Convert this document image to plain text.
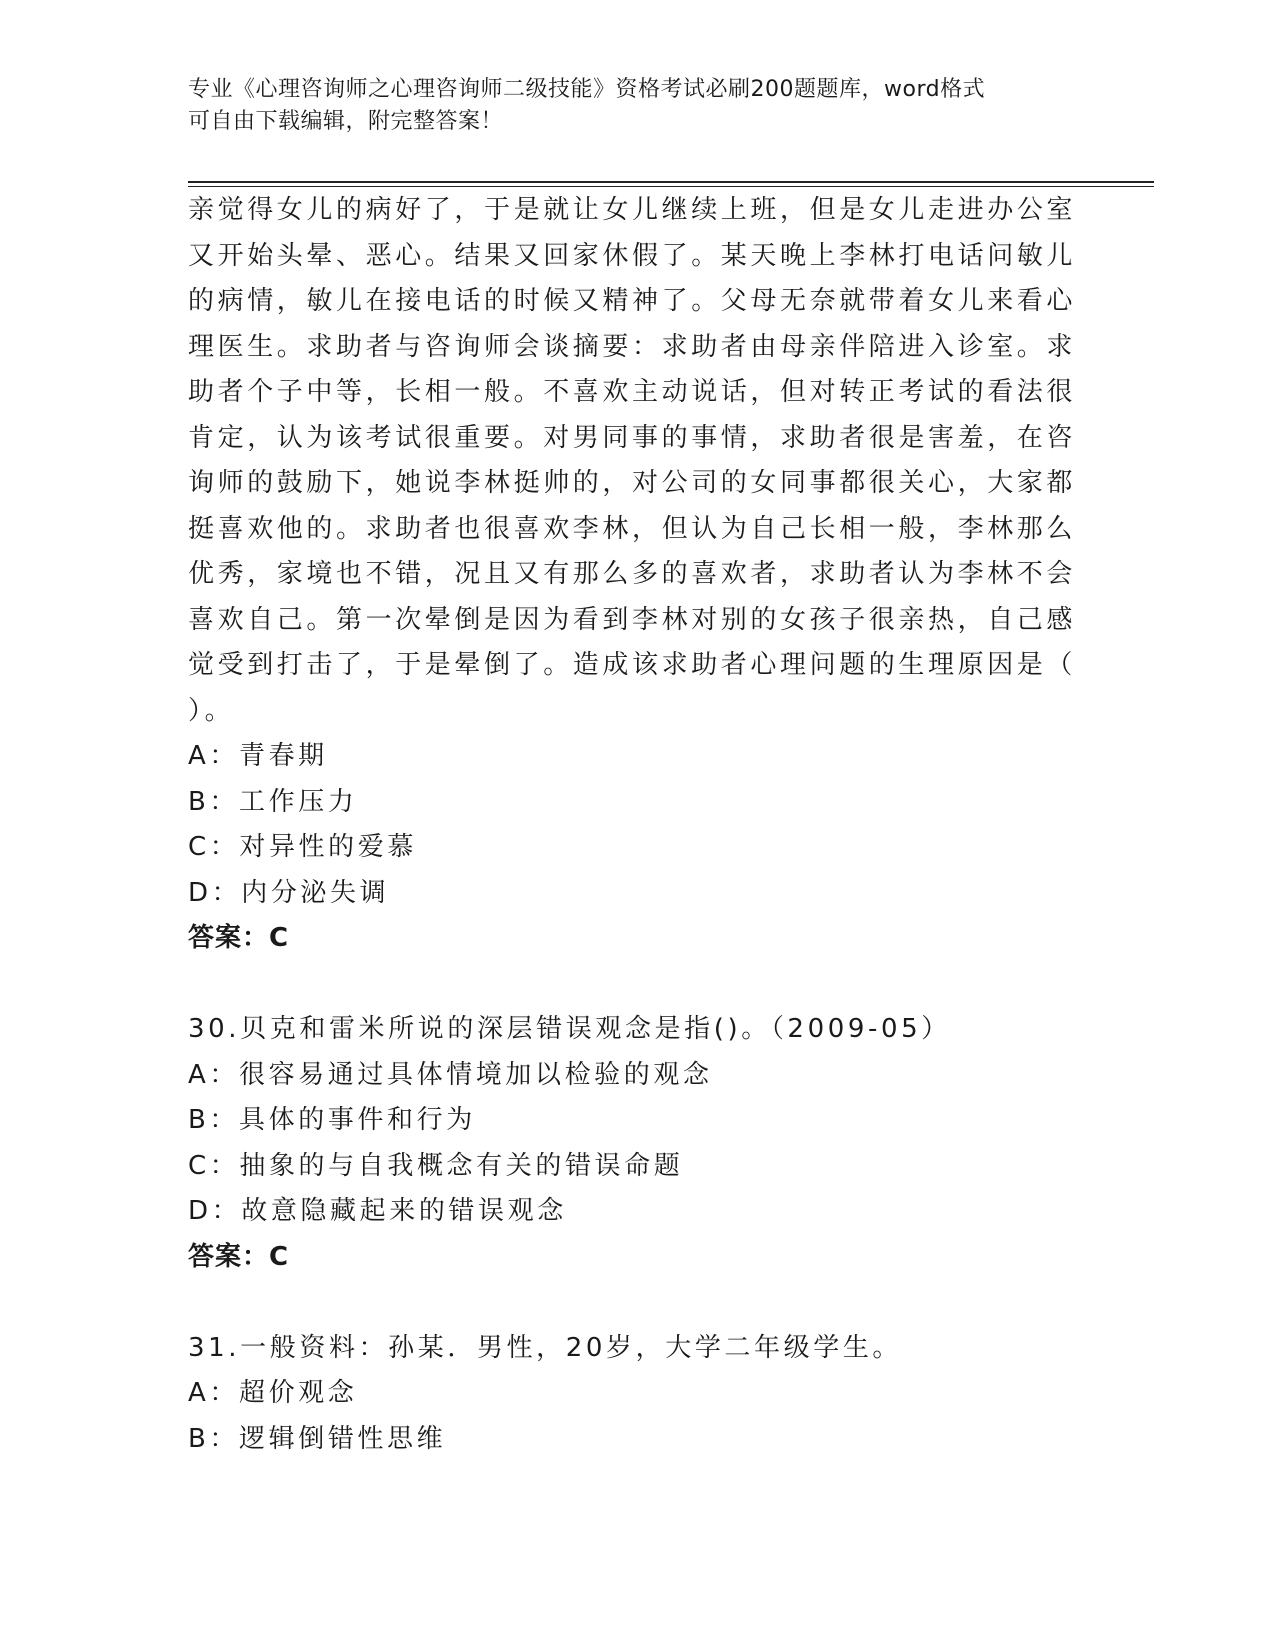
专业《心理咨询师之心理咨询师二级技能》资格考试必刷200题题库，word格式
可自由下载编辑，附完整答案！
亲觉得女儿的病好了，于是就让女儿继续上班，但是女儿走进办公室
又开始头晕、恶心。结果又回家休假了。某天晚上李林打电话问敏儿
的病情，敏儿在接电话的时候又精神了。父母无奈就带着女儿来看心
理医生。求助者与咨询师会谈摘要：求助者由母亲伴陪进入诊室。求
助者个子中等，长相一般。不喜欢主动说话，但对转正考试的看法很
肯定，认为该考试很重要。对男同事的事情，求助者很是害羞，在咨
询师的鼓励下，她说李林挺帅的，对公司的女同事都很关心，大家都
挺喜欢他的。求助者也很喜欢李林，但认为自己长相一般，李林那么
优秀，家境也不错，况且又有那么多的喜欢者，求助者认为李林不会
喜欢自己。第一次晕倒是因为看到李林对别的女孩子很亲热，自己感
觉受到打击了，于是晕倒了。造成该求助者心理问题的生理原因是（
）。
A：青春期
B：工作压力
C：对异性的爱慕
D：内分泌失调
答案：C
30.贝克和雷米所说的深层错误观念是指()。（2009-05）
A：很容易通过具体情境加以检验的观念
B：具体的事件和行为
C：抽象的与自我概念有关的错误命题
D：故意隐藏起来的错误观念
答案：C
31.一般资料：孙某．男性，20岁，大学二年级学生。
A：超价观念
B：逻辑倒错性思维
